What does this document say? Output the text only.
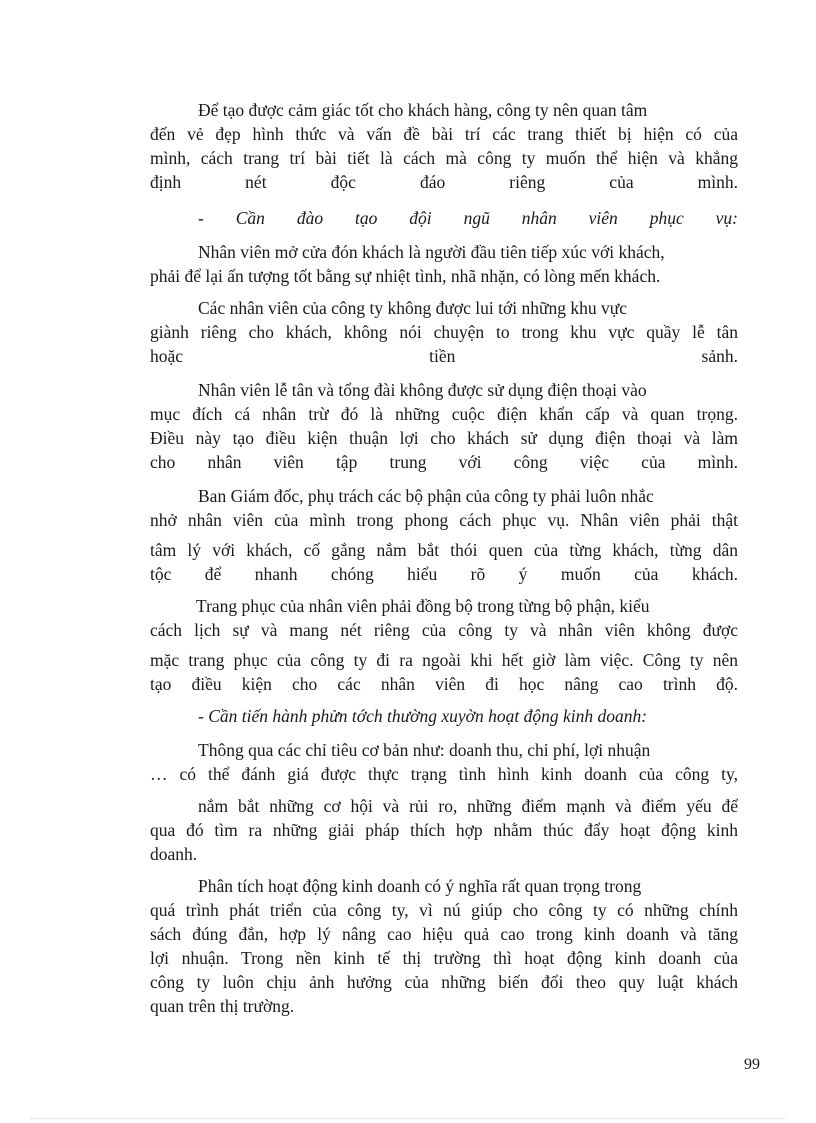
Để tạo được cảm giác tốt cho khách hàng, công ty nên quan tâm
đến vẻ đẹp hình thức và vấn đề bài trí các trang thiết bị hiện có của
mình, cách trang trí bài tiết là cách mà công ty muốn thể hiện và khẳng
định nét độc đáo riêng của mình.
- Cần đào tạo đội ngũ nhân viên phục vụ:
Nhân viên mở cửa đón khách là người đầu tiên tiếp xúc với khách,
phải để lại ấn tượng tốt bằng sự nhiệt tình, nhã nhặn, có lòng mến khách.
Các nhân viên của công ty không được lui tới những khu vực
giành riêng cho khách, không nói chuyện to trong khu vực quầy lễ tân
hoặc tiền sảnh.
Nhân viên lễ tân và tổng đài không được sử dụng điện thoại vào
mục đích cá nhân trừ đó là những cuộc điện khẩn cấp và quan trọng.
Điều này tạo điều kiện thuận lợi cho khách sử dụng điện thoại và làm
cho nhân viên tập trung với công việc của mình.
Ban Giám đốc, phụ trách các bộ phận của công ty phải luôn nhắc
nhở nhân viên của mình trong phong cách phục vụ. Nhân viên phải thật
tâm lý với khách, cố gắng nắm bắt thói quen của từng khách, từng dân
tộc để nhanh chóng hiểu rõ ý muốn của khách.
Trang phục của nhân viên phải đồng bộ trong từng bộ phận, kiểu
cách lịch sự và mang nét riêng của công ty và nhân viên không được
mặc trang phục của công ty đi ra ngoài khi hết giờ làm việc. Công ty nên
tạo điều kiện cho các nhân viên đi học nâng cao trình độ.
- Cần tiến hành phửn tớch thường xuyờn hoạt động kinh doanh:
Thông qua các chỉ tiêu cơ bản như: doanh thu, chi phí, lợi nhuận
… có thể đánh giá được thực trạng tình hình kinh doanh của công ty,
nắm bắt những cơ hội và rủi ro, những điểm mạnh và điểm yếu để
qua đó tìm ra những giải pháp thích hợp nhằm thúc đẩy hoạt động kinh
doanh.
Phân tích hoạt động kinh doanh có ý nghĩa rất quan trọng trong
quá trình phát triển của công ty, vì nú giúp cho công ty có những chính
sách đúng đắn, hợp lý nâng cao hiệu quả cao trong kinh doanh và tăng
lợi nhuận. Trong nền kinh tế thị trường thì hoạt động kinh doanh của
công ty luôn chịu ảnh hưởng của những biến đổi theo quy luật khách
quan trên thị trường.
99
